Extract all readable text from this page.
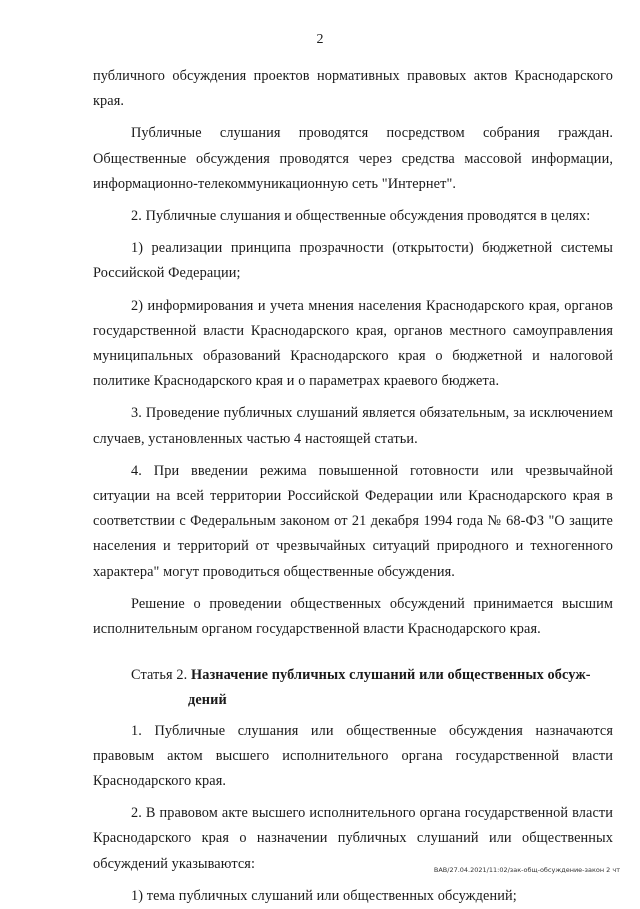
2

публичного обсуждения проектов нормативных правовых актов Краснодарского края.

Публичные слушания проводятся посредством собрания граждан. Общественные обсуждения проводятся через средства массовой информации, информационно-телекоммуникационную сеть "Интернет".

2. Публичные слушания и общественные обсуждения проводятся в целях:

1) реализации принципа прозрачности (открытости) бюджетной системы Российской Федерации;

2) информирования и учета мнения населения Краснодарского края, органов государственной власти Краснодарского края, органов местного самоуправления муниципальных образований Краснодарского края о бюджетной и налоговой политике Краснодарского края и о параметрах краевого бюджета.

3. Проведение публичных слушаний является обязательным, за исключением случаев, установленных частью 4 настоящей статьи.

4. При введении режима повышенной готовности или чрезвычайной ситуации на всей территории Российской Федерации или Краснодарского края в соответствии с Федеральным законом от 21 декабря 1994 года № 68-ФЗ "О защите населения и территорий от чрезвычайных ситуаций природного и техногенного характера" могут проводиться общественные обсуждения.

Решение о проведении общественных обсуждений принимается высшим исполнительным органом государственной власти Краснодарского края.

Статья 2. Назначение публичных слушаний или общественных обсуж-
дений

1. Публичные слушания или общественные обсуждения назначаются правовым актом высшего исполнительного органа государственной власти Краснодарского края.

2. В правовом акте высшего исполнительного органа государственной власти Краснодарского края о назначении публичных слушаний или общественных обсуждений указываются:

1) тема публичных слушаний или общественных обсуждений;

ВАВ/27.04.2021/11:02/зак-общ-обсуждение-закон 2 чт
